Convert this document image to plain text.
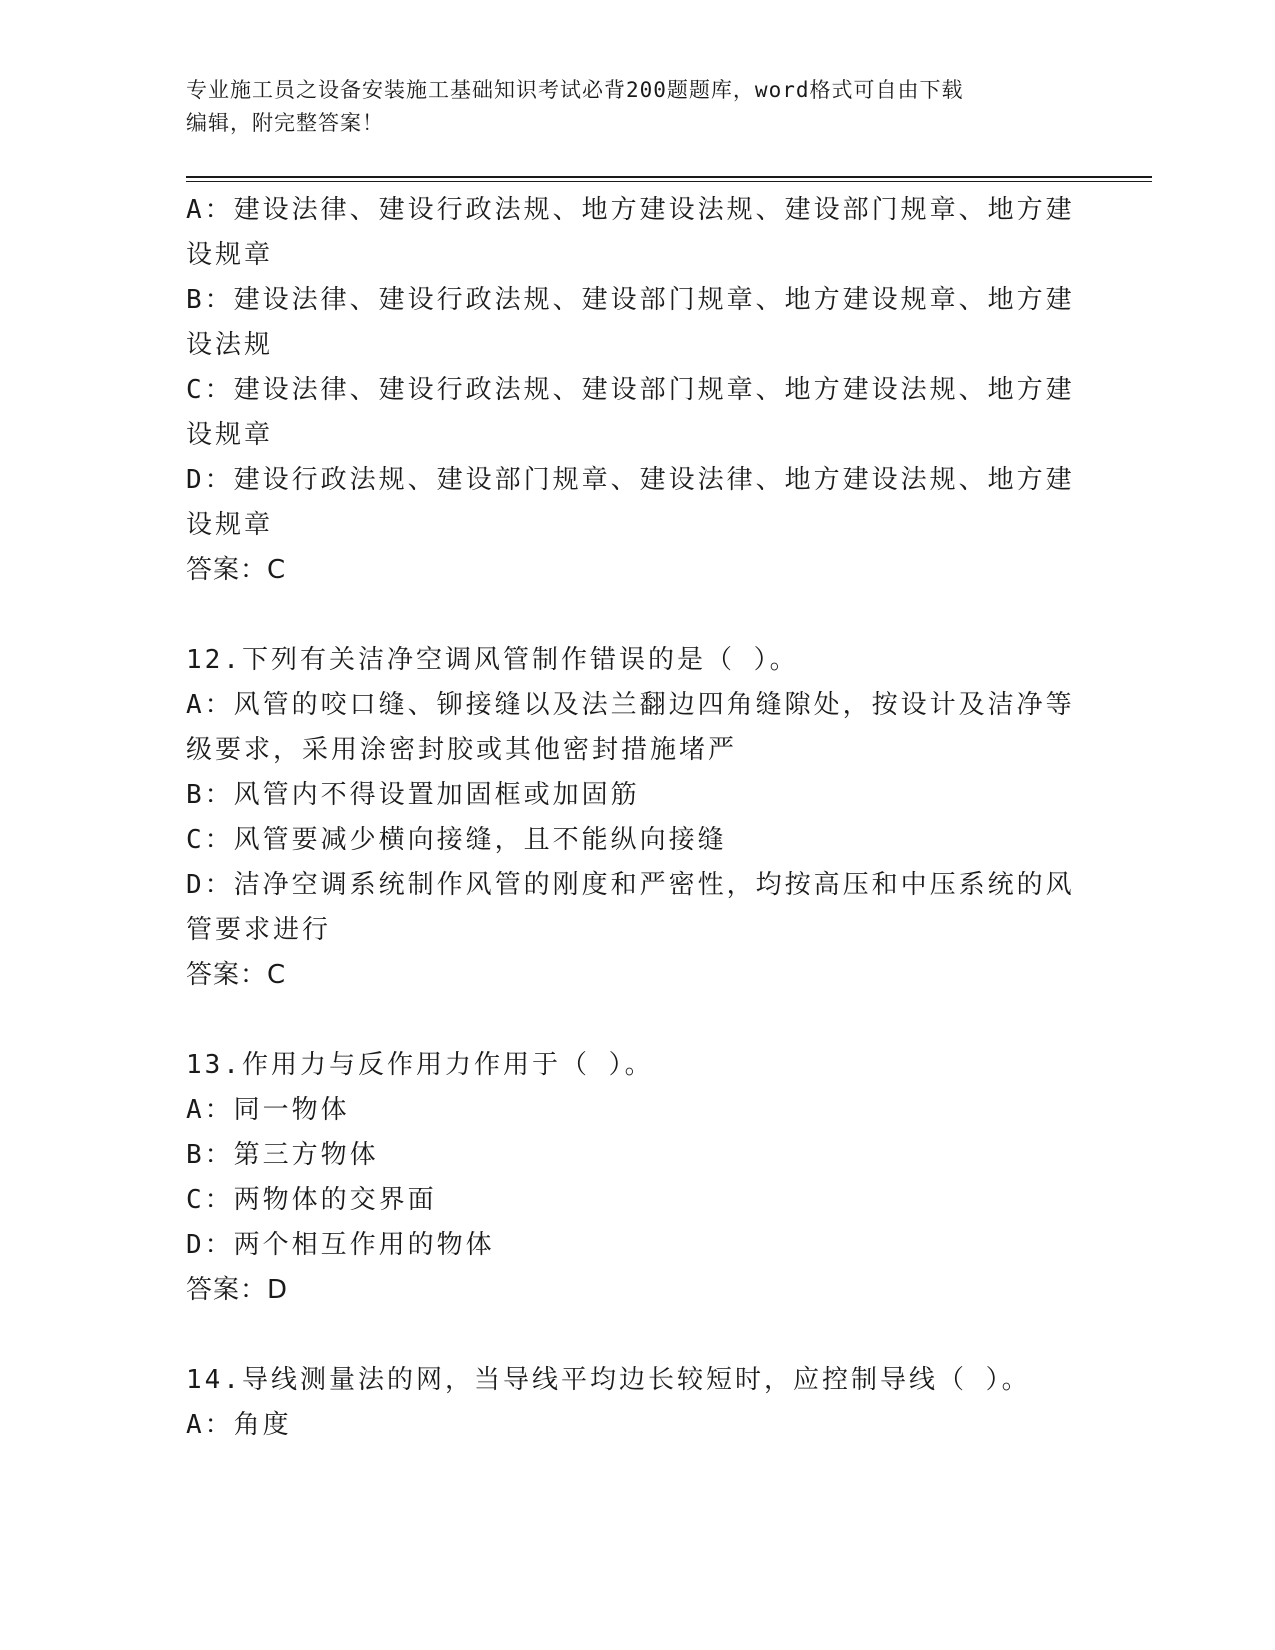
专业施工员之设备安装施工基础知识考试必背200题题库，word格式可自由下载
编辑，附完整答案！
A：建设法律、建设行政法规、地方建设法规、建设部门规章、地方建
设规章
B：建设法律、建设行政法规、建设部门规章、地方建设规章、地方建
设法规
C：建设法律、建设行政法规、建设部门规章、地方建设法规、地方建
设规章
D：建设行政法规、建设部门规章、建设法律、地方建设法规、地方建
设规章
答案：C
12.下列有关洁净空调风管制作错误的是（ ）。
A：风管的咬口缝、铆接缝以及法兰翻边四角缝隙处，按设计及洁净等
级要求，采用涂密封胶或其他密封措施堵严
B：风管内不得设置加固框或加固筋
C：风管要减少横向接缝，且不能纵向接缝
D：洁净空调系统制作风管的刚度和严密性，均按高压和中压系统的风
管要求进行
答案：C
13.作用力与反作用力作用于（ ）。
A：同一物体
B：第三方物体
C：两物体的交界面
D：两个相互作用的物体
答案：D
14.导线测量法的网，当导线平均边长较短时，应控制导线（ ）。
A：角度
